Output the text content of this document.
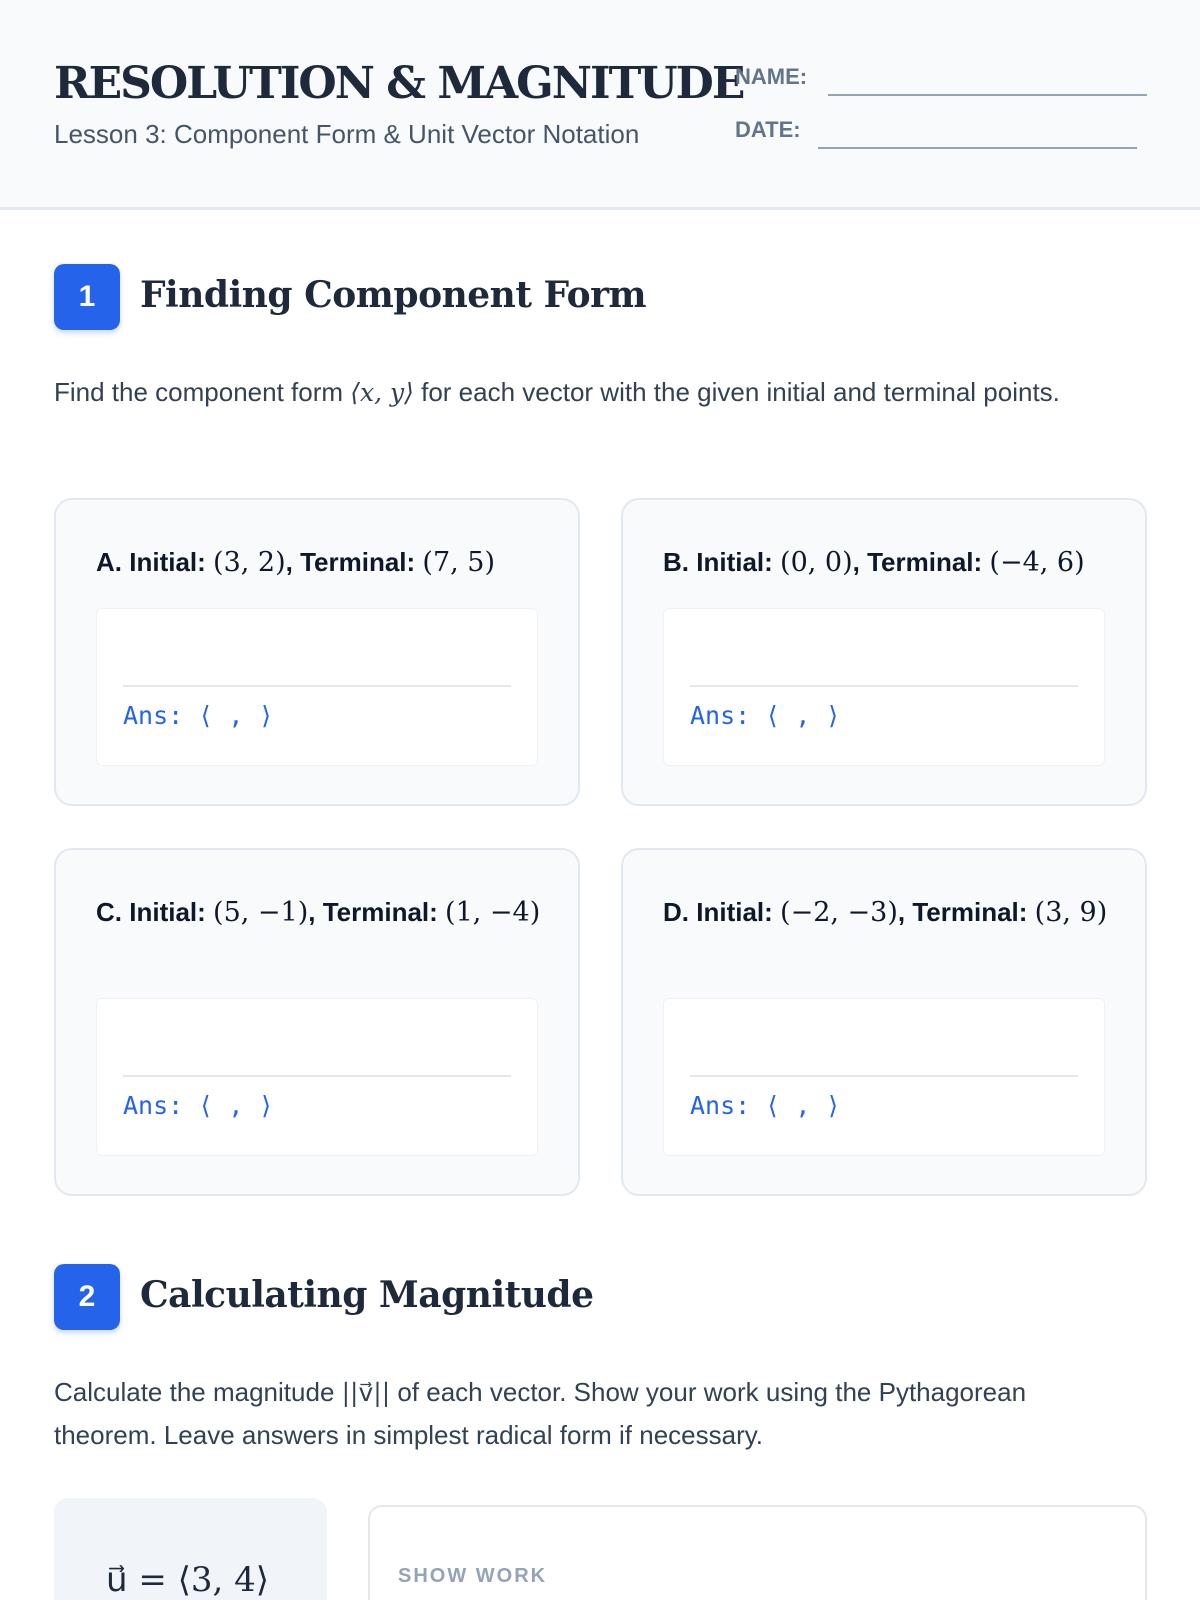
RESOLUTION & MAGNITUDE
Lesson 3: Component Form & Unit Vector Notation
NAME:
DATE:
1	Finding Component Form
Find the component form ⟨x, y⟩ for each vector with the given initial and terminal points.
A. Initial: (3, 2), Terminal: (7, 5)
Ans: ⟨ , ⟩
B. Initial: (0, 0), Terminal: (−4, 6)
Ans: ⟨ , ⟩
C. Initial: (5, −1), Terminal: (1, −4)
Ans: ⟨ , ⟩
D. Initial: (−2, −3), Terminal: (3, 9)
Ans: ⟨ , ⟩
2	Calculating Magnitude
Calculate the magnitude ||v⃗|| of each vector. Show your work using the Pythagorean theorem. Leave answers in simplest radical form if necessary.
u⃗ = ⟨3, 4⟩	SHOW WORK
